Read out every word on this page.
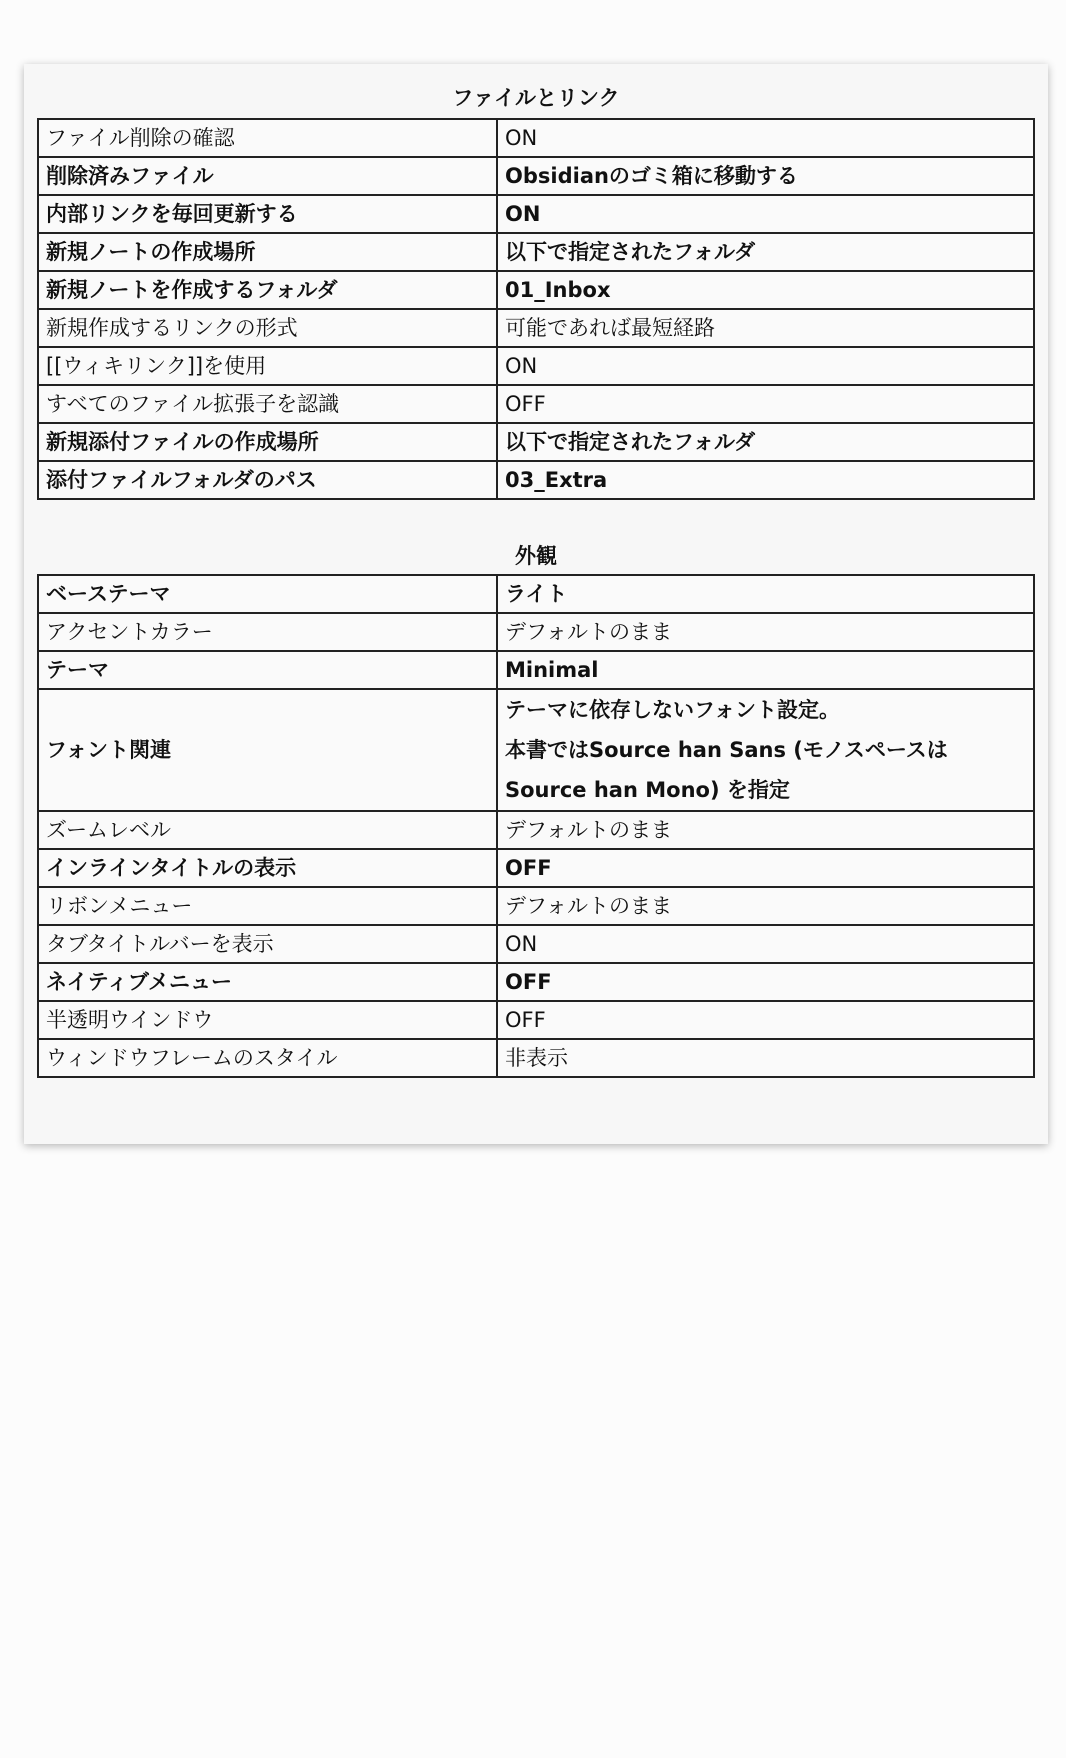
ファイルとリンク
ファイル削除の確認	ON
削除済みファイル	Obsidianのゴミ箱に移動する
内部リンクを毎回更新する	ON
新規ノートの作成場所	以下で指定されたフォルダ
新規ノートを作成するフォルダ	01_Inbox
新規作成するリンクの形式	可能であれば最短経路
[[ウィキリンク]]を使用	ON
すべてのファイル拡張子を認識	OFF
新規添付ファイルの作成場所	以下で指定されたフォルダ
添付ファイルフォルダのパス	03_Extra
外観
ベーステーマ	ライト
アクセントカラー	デフォルトのまま
テーマ	Minimal
フォント関連	テーマに依存しないフォント設定。
本書ではSource han Sans (モノスペースは
Source han Mono) を指定

ズームレベル	デフォルトのまま
インラインタイトルの表示	OFF
リボンメニュー	デフォルトのまま
タブタイトルバーを表示	ON
ネイティブメニュー	OFF
半透明ウインドウ	OFF
ウィンドウフレームのスタイル	非表示
